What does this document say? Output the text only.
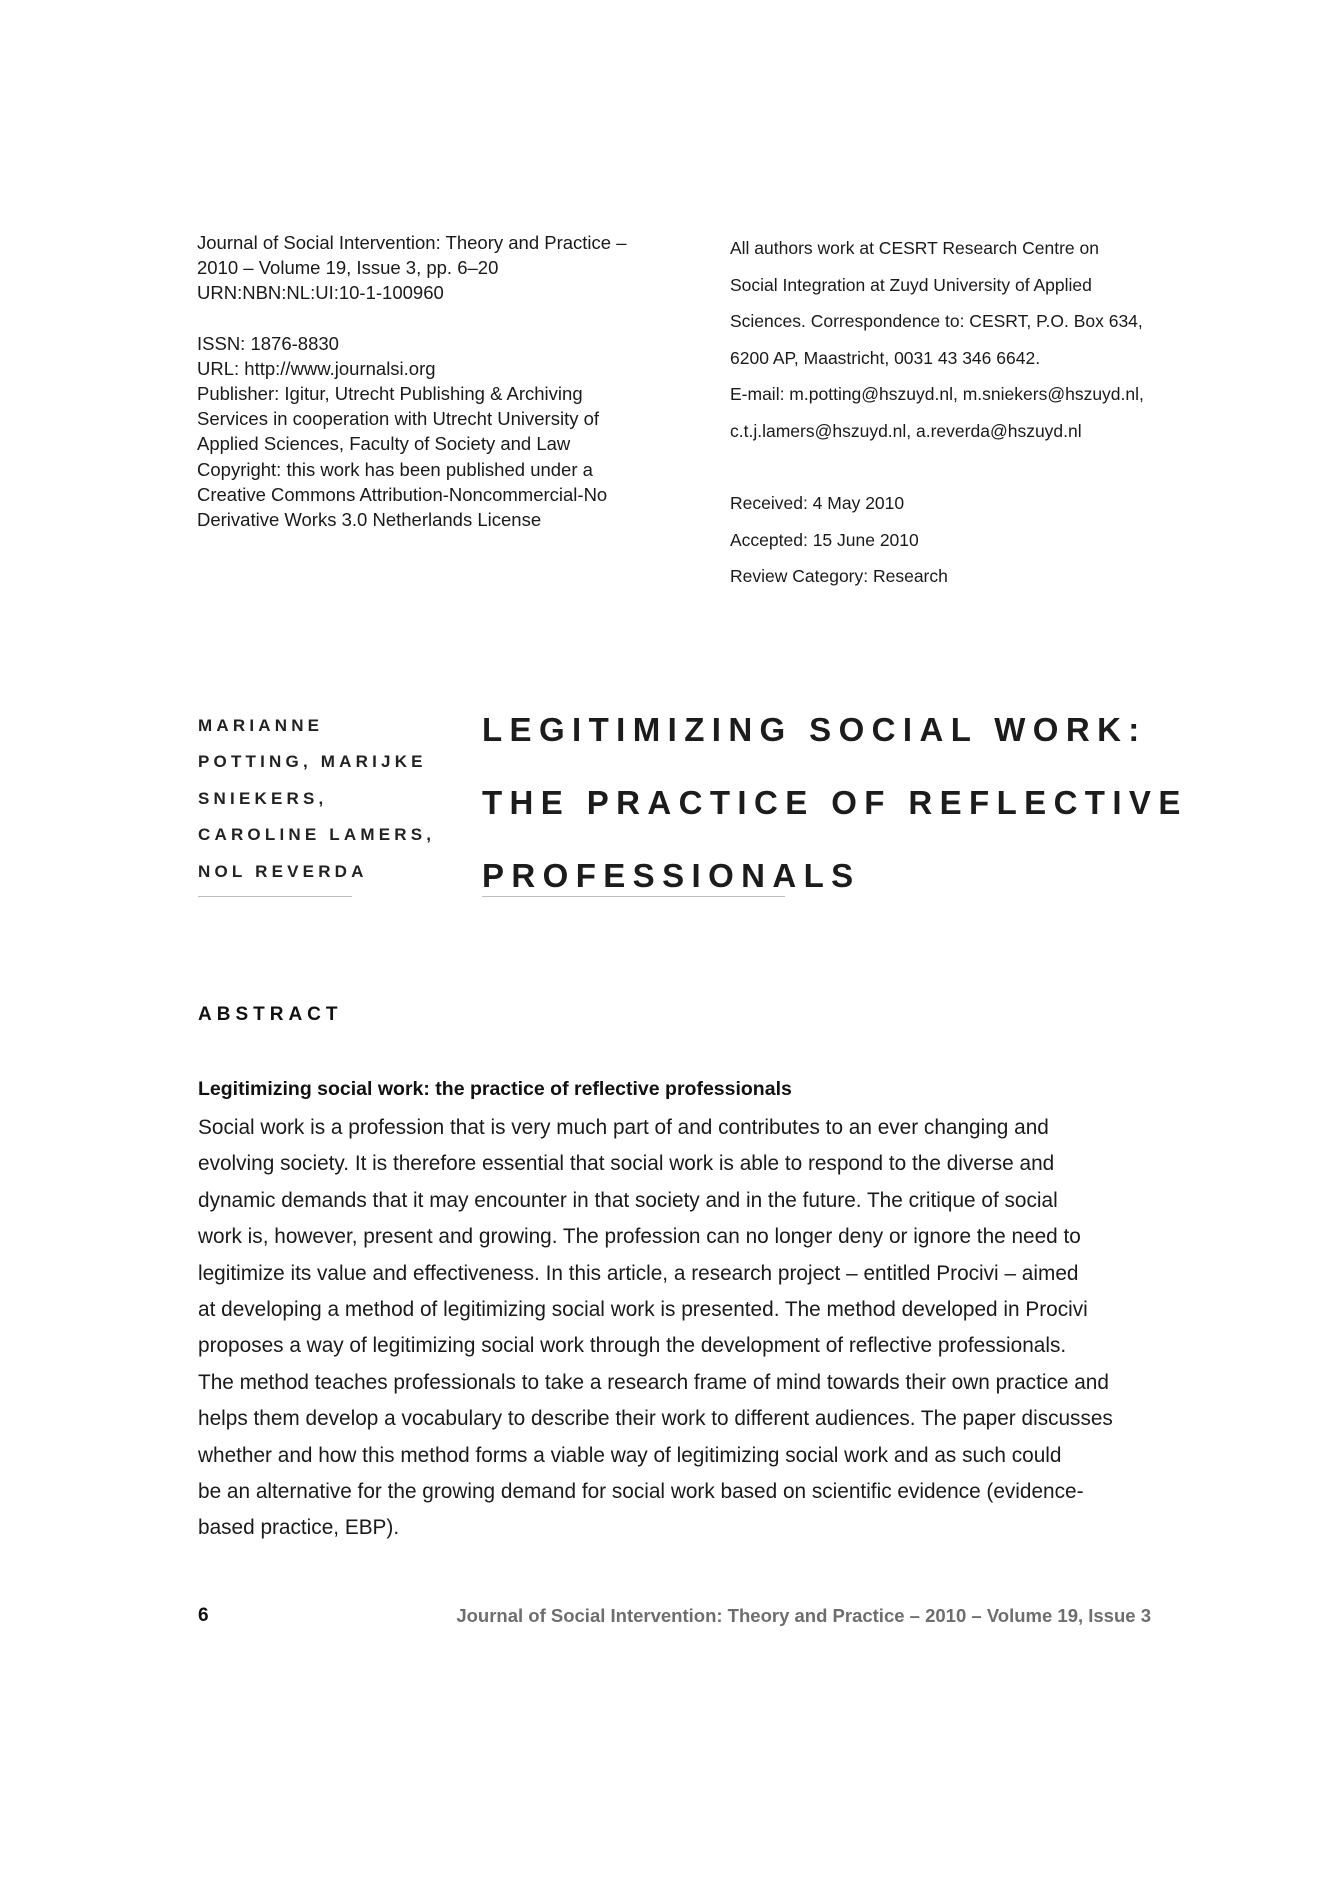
Journal of Social Intervention: Theory and Practice –
2010 – Volume 19, Issue 3, pp. 6–20
URN:NBN:NL:UI:10-1-100960
ISSN: 1876-8830
URL: http://www.journalsi.org
Publisher: Igitur, Utrecht Publishing & Archiving
Services in cooperation with Utrecht University of
Applied Sciences, Faculty of Society and Law
Copyright: this work has been published under a
Creative Commons Attribution-Noncommercial-No
Derivative Works 3.0 Netherlands License
All authors work at CESRT Research Centre on
Social Integration at Zuyd University of Applied
Sciences. Correspondence to: CESRT, P.O. Box 634,
6200 AP, Maastricht, 0031 43 346 6642.
E-mail: m.potting@hszuyd.nl, m.sniekers@hszuyd.nl,
c.t.j.lamers@hszuyd.nl, a.reverda@hszuyd.nl
Received: 4 May 2010
Accepted: 15 June 2010
Review Category: Research
MARIANNE
POTTING, MARIJKE
SNIEKERS,
CAROLINE LAMERS,
NOL REVERDA
LEGITIMIZING SOCIAL WORK:
THE PRACTICE OF REFLECTIVE
PROFESSIONALS
ABSTRACT
Legitimizing social work: the practice of reflective professionals
Social work is a profession that is very much part of and contributes to an ever changing and
evolving society. It is therefore essential that social work is able to respond to the diverse and
dynamic demands that it may encounter in that society and in the future. The critique of social
work is, however, present and growing. The profession can no longer deny or ignore the need to
legitimize its value and effectiveness. In this article, a research project – entitled Procivi – aimed
at developing a method of legitimizing social work is presented. The method developed in Procivi
proposes a way of legitimizing social work through the development of reflective professionals.
The method teaches professionals to take a research frame of mind towards their own practice and
helps them develop a vocabulary to describe their work to different audiences. The paper discusses
whether and how this method forms a viable way of legitimizing social work and as such could
be an alternative for the growing demand for social work based on scientific evidence (evidence-
based practice, EBP).
6	Journal of Social Intervention: Theory and Practice – 2010 – Volume 19, Issue 3
